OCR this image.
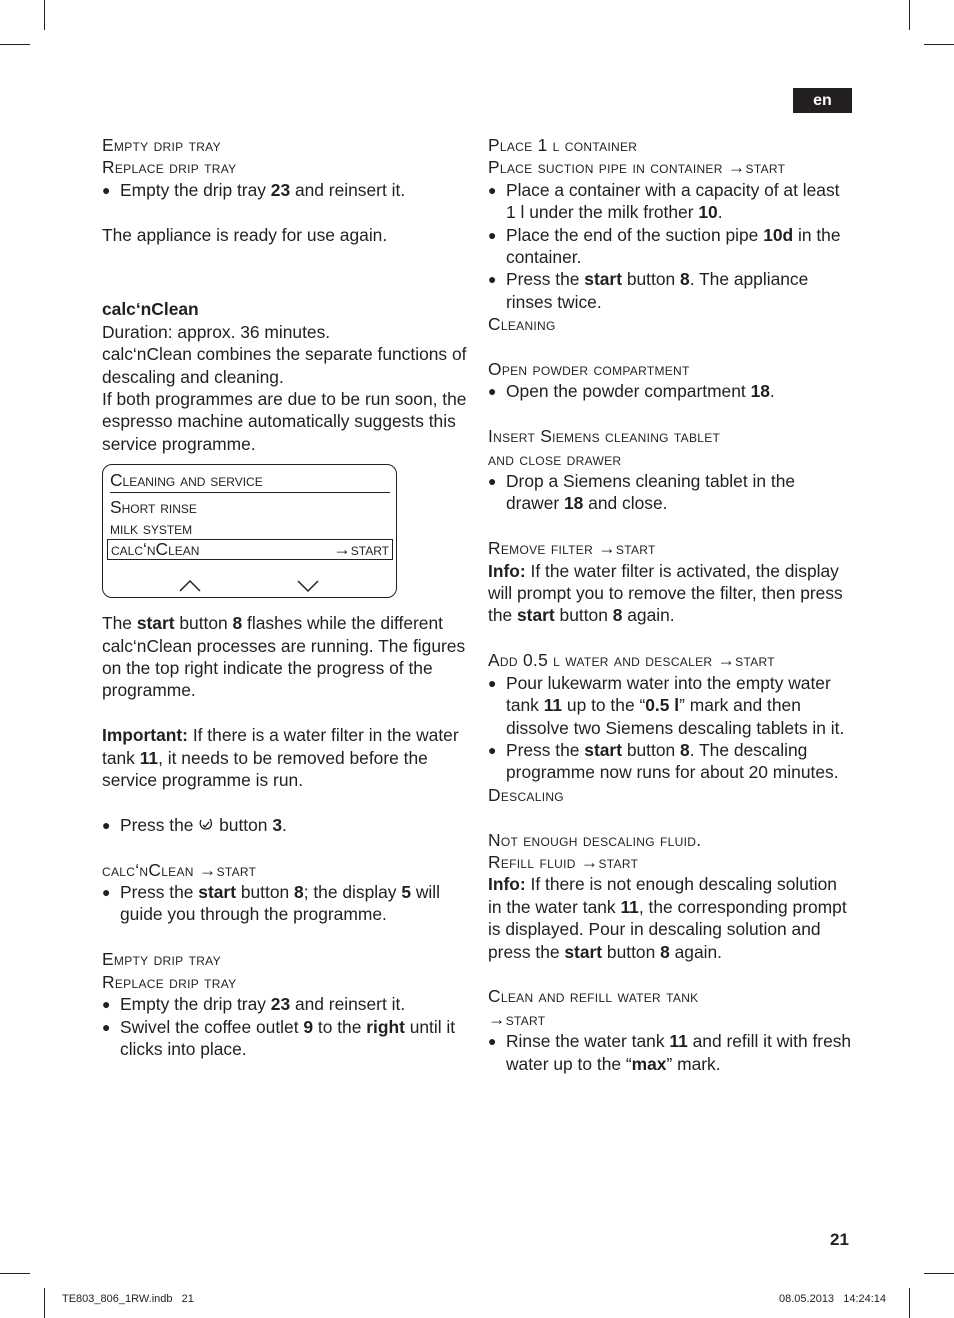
en

Empty drip tray

Replace drip tray

● Empty the drip tray 23 and reinsert it.

The appliance is ready for use again.

calc‘nClean

Duration: approx. 36 minutes.

calc‘nClean combines the separate functions of descaling and cleaning.

If both programmes are due to be run soon, the espresso machine automatically suggests this service programme.

Cleaning and service
Short rinse
milk system
calc‘nClean	→start

The start button 8 flashes while the different calc‘nClean processes are running. The figures on the top right indicate the progress of the programme.

Important: If there is a water filter in the water tank 11, it needs to be removed before the service programme is run.

● Press the  button 3.

calc‘nClean →start

● Press the start button 8; the display 5 will guide you through the programme.

Empty drip tray

Replace drip tray

● Empty the drip tray 23 and reinsert it.

● Swivel the coffee outlet 9 to the right until it clicks into place.

Place 1 l container

Place suction pipe in container →start

● Place a container with a capacity of at least 1 l under the milk frother 10.

● Place the end of the suction pipe 10d in the container.

● Press the start button 8. The appliance rinses twice.

Cleaning

Open powder compartment

● Open the powder compartment 18.

Insert Siemens cleaning tablet

and close drawer

● Drop a Siemens cleaning tablet in the drawer 18 and close.

Remove filter →start

Info: If the water filter is activated, the display will prompt you to remove the filter, then press the start button 8 again.

Add 0.5 l water and descaler →start

● Pour lukewarm water into the empty water tank 11 up to the “0.5 l” mark and then dissolve two Siemens descaling tablets in it.

● Press the start button 8. The descaling programme now runs for about 20 minutes.

Descaling

Not enough descaling fluid.

Refill fluid →start

Info: If there is not enough descaling solution in the water tank 11, the corresponding prompt is displayed. Pour in descaling solution and press the start button 8 again.

Clean and refill water tank

→start

● Rinse the water tank 11 and refill it with fresh water up to the “max” mark.

21
TE803_806_1RW.indb   21	08.05.2013   14:24:14
